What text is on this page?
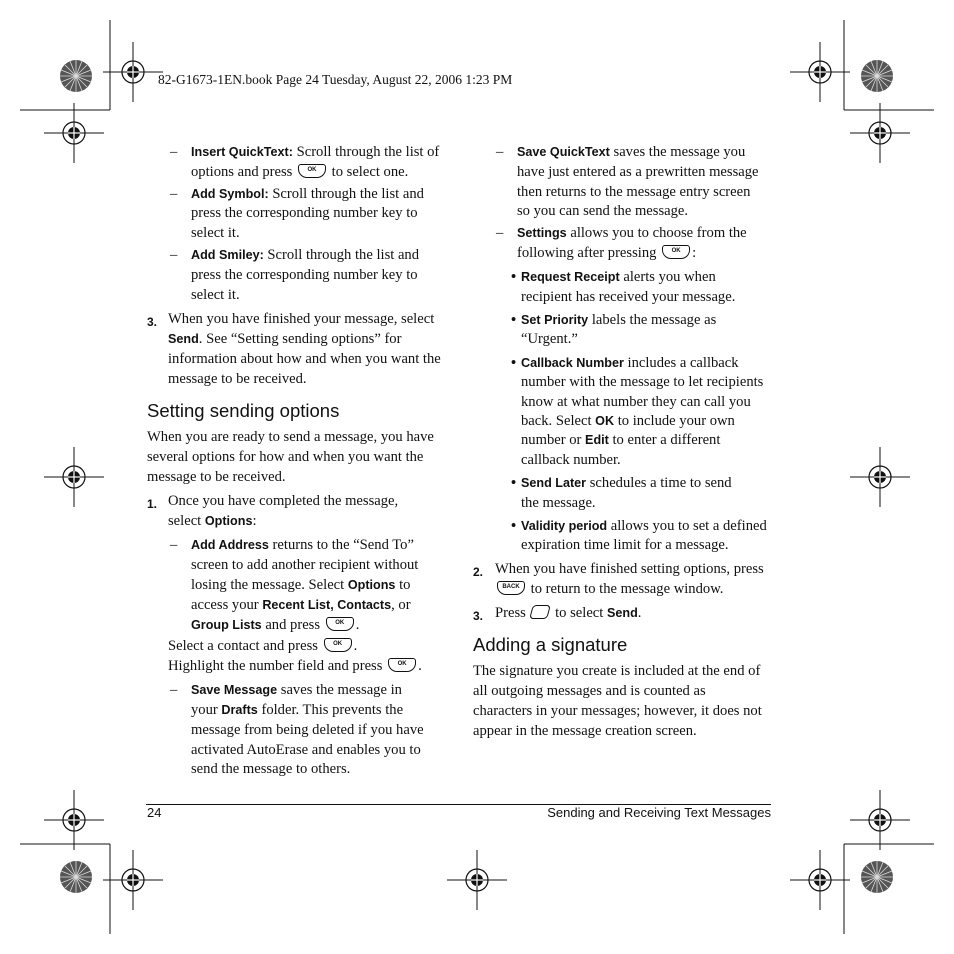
82-G1673-1EN.book Page 24 Tuesday, August 22, 2006 1:23 PM
– Insert QuickText: Scroll through the list of
options and press	OK to select one.
– Add Symbol: Scroll through the list and
press the corresponding number key to
select it.
– Add Smiley: Scroll through the list and
press the corresponding number key to
select it.
3. When you have finished your message, select
Send. See “Setting sending options” for
information about how and when you want the
message to be received.
Setting sending options
When you are ready to send a message, you have
several options for how and when you want the
message to be received.
1. Once you have completed the message,
select Options:
– Add Address returns to the “Send To”
screen to add another recipient without
losing the message. Select Options to
access your Recent List, Contacts, or
Group Lists and press	OK .
Select a contact and press	OK .
Highlight the number field and press	OK .
– Save Message saves the message in
your Drafts folder. This prevents the
message from being deleted if you have
activated AutoErase and enables you to
send the message to others.
– Save QuickText saves the message you
have just entered as a prewritten message
then returns to the message entry screen
so you can send the message.
– Settings allows you to choose from the
following after pressing	OK :
• Request Receipt alerts you when
recipient has received your message.
• Set Priority labels the message as
“Urgent.”
• Callback Number includes a callback
number with the message to let recipients
know at what number they can call you
back. Select OK to include your own
number or Edit to enter a different
callback number.
• Send Later schedules a time to send
the message.
• Validity period allows you to set a defined
expiration time limit for a message.
2. When you have finished setting options, press
BACK to return to the message window.
3. Press  to select Send.
Adding a signature
The signature you create is included at the end of
all outgoing messages and is counted as
characters in your messages; however, it does not
appear in the message creation screen.
24	Sending and Receiving Text Messages
